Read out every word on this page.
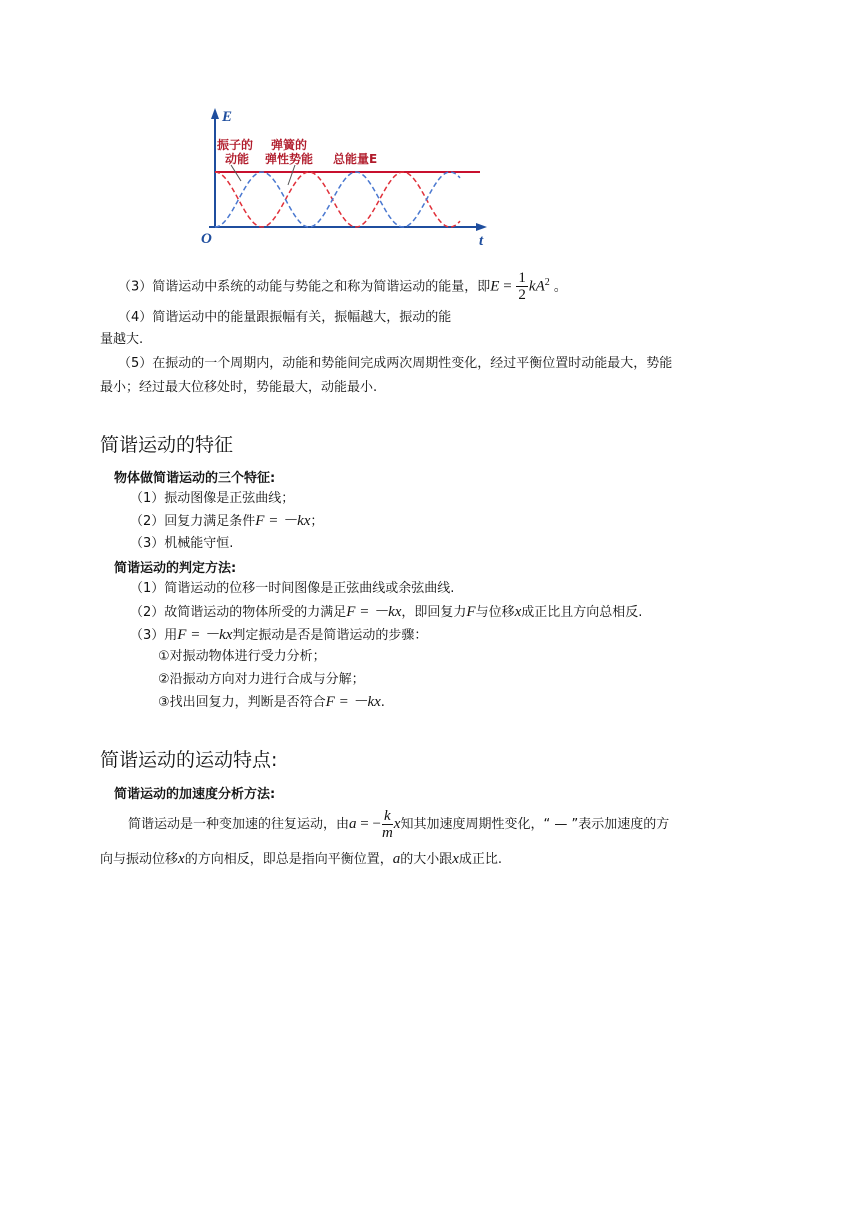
E
t
O
振子的
动能
弹簧的
弹性势能 总能量E
（3）简谐运动中系统的动能与势能之和称为简谐运动的能量，即$E = \frac{1}{2} kA^2$ 。
（4）简谐运动中的能量跟振幅有关，振幅越大，振动的能
量越大.
（5）在振动的一个周期内，动能和势能间完成两次周期性变化，经过平衡位置时动能最大，势能
最小；经过最大位移处时，势能最大，动能最小.
简谐运动的特征
物体做简谐运动的三个特征:
（1）振动图像是正弦曲线；
（2）回复力满足条件F = －kx；
（3）机械能守恒.
简谐运动的判定方法:
（1）简谐运动的位移一时间图像是正弦曲线或余弦曲线.
（2）故简谐运动的物体所受的力满足F = －kx，即回复力F与位移x成正比且方向总相反.
（3）用F = －kx判定振动是否是简谐运动的步骤：
①对振动物体进行受力分析；
②沿振动方向对力进行合成与分解；
③找出回复力，判断是否符合F = －kx.
简谐运动的运动特点:
简谐运动的加速度分析方法:
简谐运动是一种变加速的往复运动，由a = − $\frac{k}{m}$ x知其加速度周期性变化，“ — ”表示加速度的方
向与振动位移x的方向相反，即总是指向平衡位置，a的大小跟x成正比.
